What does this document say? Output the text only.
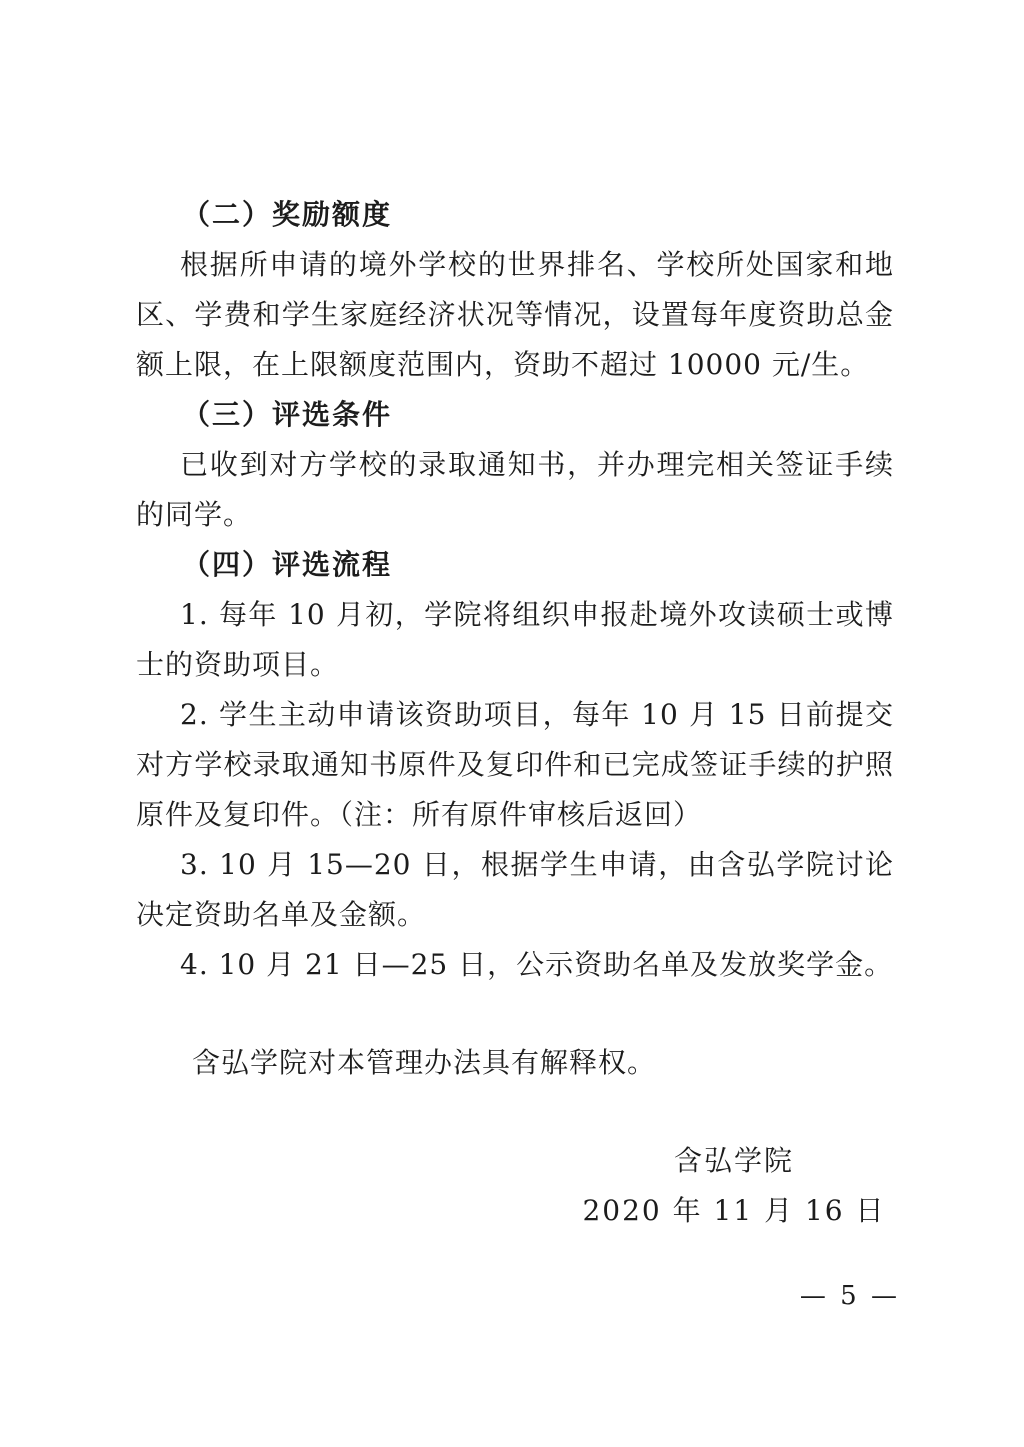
（二）奖励额度

根据所申请的境外学校的世界排名、学校所处国家和地区、学费和学生家庭经济状况等情况，设置每年度资助总金额上限，在上限额度范围内，资助不超过 10000 元/生。

（三）评选条件

已收到对方学校的录取通知书，并办理完相关签证手续的同学。

（四）评选流程

1. 每年 10 月初，学院将组织申报赴境外攻读硕士或博士的资助项目。

2. 学生主动申请该资助项目，每年 10 月 15 日前提交对方学校录取通知书原件及复印件和已完成签证手续的护照原件及复印件。（注：所有原件审核后返回）

3. 10 月 15—20 日，根据学生申请，由含弘学院讨论决定资助名单及金额。

4. 10 月 21 日—25 日，公示资助名单及发放奖学金。

含弘学院对本管理办法具有解释权。

含弘学院
2020 年 11 月 16 日
— 5 —
